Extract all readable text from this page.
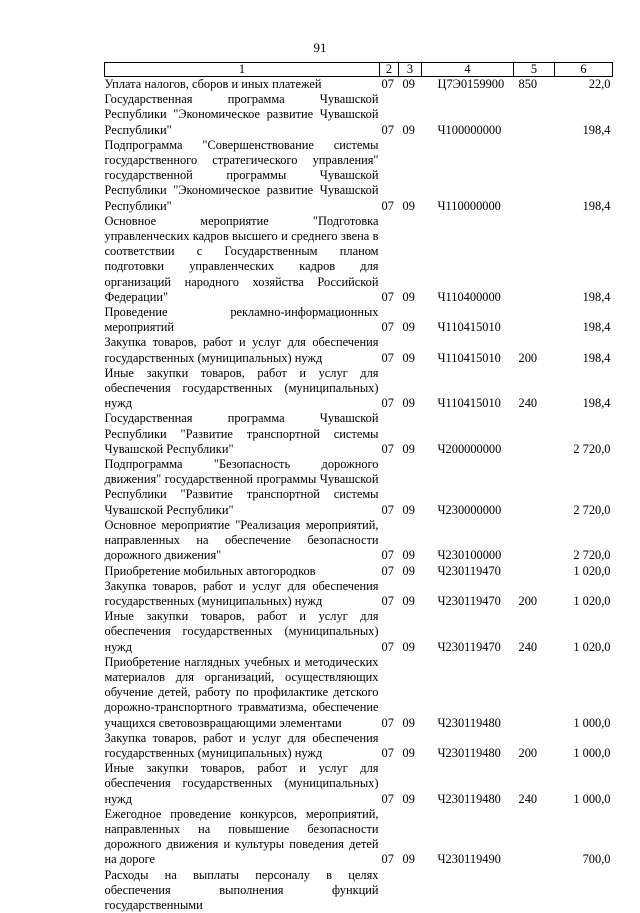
91
1	2	3	4	5	6
Уплата налогов, сборов и иных платежей	07	09	Ц7Э0159900	850	22,0
Государственная программа Чувашской Республики "Экономическое развитие Чувашской Республики"	07	09	Ч100000000		198,4
Подпрограмма "Совершенствование системы государственного стратегического управления" государственной программы Чувашской Республики "Экономическое развитие Чувашской Республики"	07	09	Ч110000000		198,4
Основное мероприятие "Подготовка управленческих кадров высшего и среднего звена в соответствии с Государственным планом подготовки управленческих кадров для организаций народного хозяйства Российской Федерации"	07	09	Ч110400000		198,4
Проведение рекламно-информационных мероприятий	07	09	Ч110415010		198,4
Закупка товаров, работ и услуг для обеспечения государственных (муниципальных) нужд	07	09	Ч110415010	200	198,4
Иные закупки товаров, работ и услуг для обеспечения государственных (муниципальных) нужд	07	09	Ч110415010	240	198,4
Государственная программа Чувашской Республики "Развитие транспортной системы Чувашской Республики"	07	09	Ч200000000		2 720,0
Подпрограмма "Безопасность дорожного движения" государственной программы Чувашской Республики "Развитие транспортной системы Чувашской Республики"	07	09	Ч230000000		2 720,0
Основное мероприятие "Реализация мероприятий, направленных на обеспечение безопасности дорожного движения"	07	09	Ч230100000		2 720,0
Приобретение мобильных автогородков	07	09	Ч230119470		1 020,0
Закупка товаров, работ и услуг для обеспечения государственных (муниципальных) нужд	07	09	Ч230119470	200	1 020,0
Иные закупки товаров, работ и услуг для обеспечения государственных (муниципальных) нужд	07	09	Ч230119470	240	1 020,0
Приобретение наглядных учебных и методических материалов для организаций, осуществляющих обучение детей, работу по профилактике детского дорожно-транспортного травматизма, обеспечение учащихся световозвращающими элементами	07	09	Ч230119480		1 000,0
Закупка товаров, работ и услуг для обеспечения государственных (муниципальных) нужд	07	09	Ч230119480	200	1 000,0
Иные закупки товаров, работ и услуг для обеспечения государственных (муниципальных) нужд	07	09	Ч230119480	240	1 000,0
Ежегодное проведение конкурсов, мероприятий, направленных на повышение безопасности дорожного движения и культуры поведения детей на дороге	07	09	Ч230119490		700,0
Расходы на выплаты персоналу в целях обеспечения выполнения функций государственными					
